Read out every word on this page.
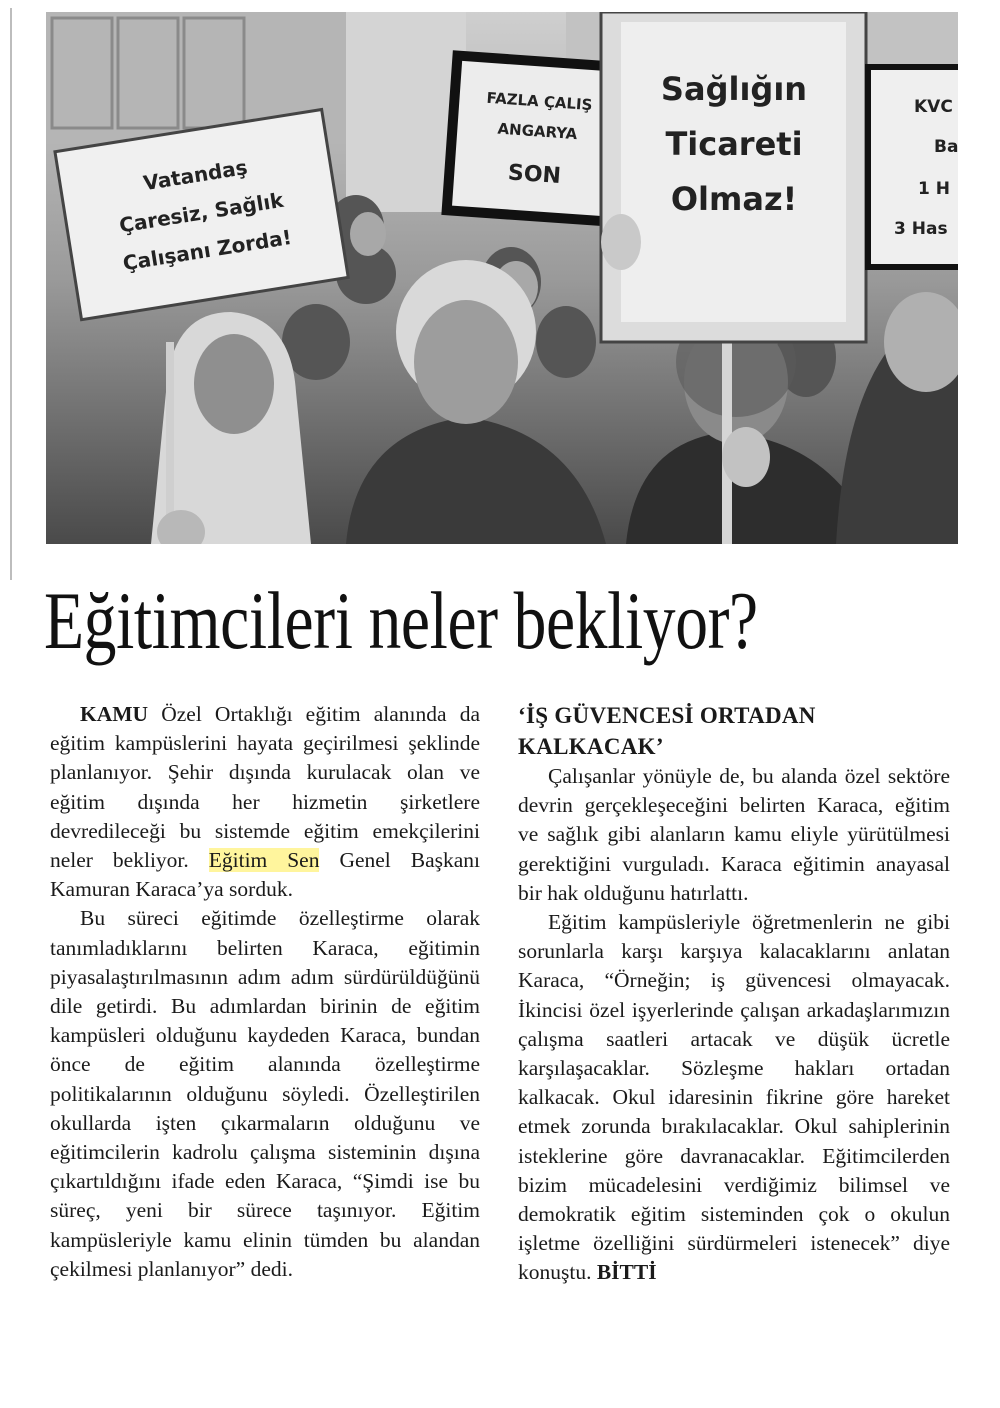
Vatandaş
Çaresiz, Sağlık
Çalışanı Zorda!
FAZLA ÇALIŞ
ANGARYA
SON
Sağlığın
Ticareti
Olmaz!
KVC
Ba
1 H
3 Has
Eğitimcileri neler bekliyor?

KAMU Özel Ortaklığı eğitim alanında da eğitim kampüslerini hayata geçirilmesi şeklinde planlanıyor. Şehir dışında kurulacak olan ve eğitim dışında her hizmetin şirketlere devredileceği bu sistemde eğitim emekçilerini neler bekliyor. Eğitim Sen Genel Başkanı Kamuran Karaca’ya sorduk.

Bu süreci eğitimde özelleştirme olarak tanımladıklarını belirten Karaca, eğitimin piyasalaştırılmasının adım adım sürdürüldüğünü dile getirdi. Bu adımlardan birinin de eğitim kampüsleri olduğunu kaydeden Karaca, bundan önce de eğitim alanında özelleştirme politikalarının olduğunu söyledi. Özelleştirilen okullarda işten çıkarmaların olduğunu ve eğitimcilerin kadrolu çalışma sisteminin dışına çıkartıldığını ifade eden Karaca, “Şimdi ise bu süreç, yeni bir sürece taşınıyor. Eğitim kampüsleriyle kamu elinin tümden bu alandan çekilmesi planlanıyor” dedi.

‘İŞ GÜVENCESİ ORTADAN KALKACAK’

Çalışanlar yönüyle de, bu alanda özel sektöre devrin gerçekleşeceğini belirten Karaca, eğitim ve sağlık gibi alanların kamu eliyle yürütülmesi gerektiğini vurguladı. Karaca eğitimin anayasal bir hak olduğunu hatırlattı.

Eğitim kampüsleriyle öğretmenlerin ne gibi sorunlarla karşı karşıya kalacaklarını anlatan Karaca, “Örneğin; iş güvencesi olmayacak. İkincisi özel işyerlerinde çalışan arkadaşlarımızın çalışma saatleri artacak ve düşük ücretle karşılaşacaklar. Sözleşme hakları ortadan kalkacak. Okul idaresinin fikrine göre hareket etmek zorunda bırakılacaklar. Okul sahiplerinin isteklerine göre davranacaklar. Eğitimcilerden bizim mücadelesini verdiğimiz bilimsel ve demokratik eğitim sisteminden çok o okulun işletme özelliğini sürdürmeleri istenecek” diye konuştu. BİTTİ
